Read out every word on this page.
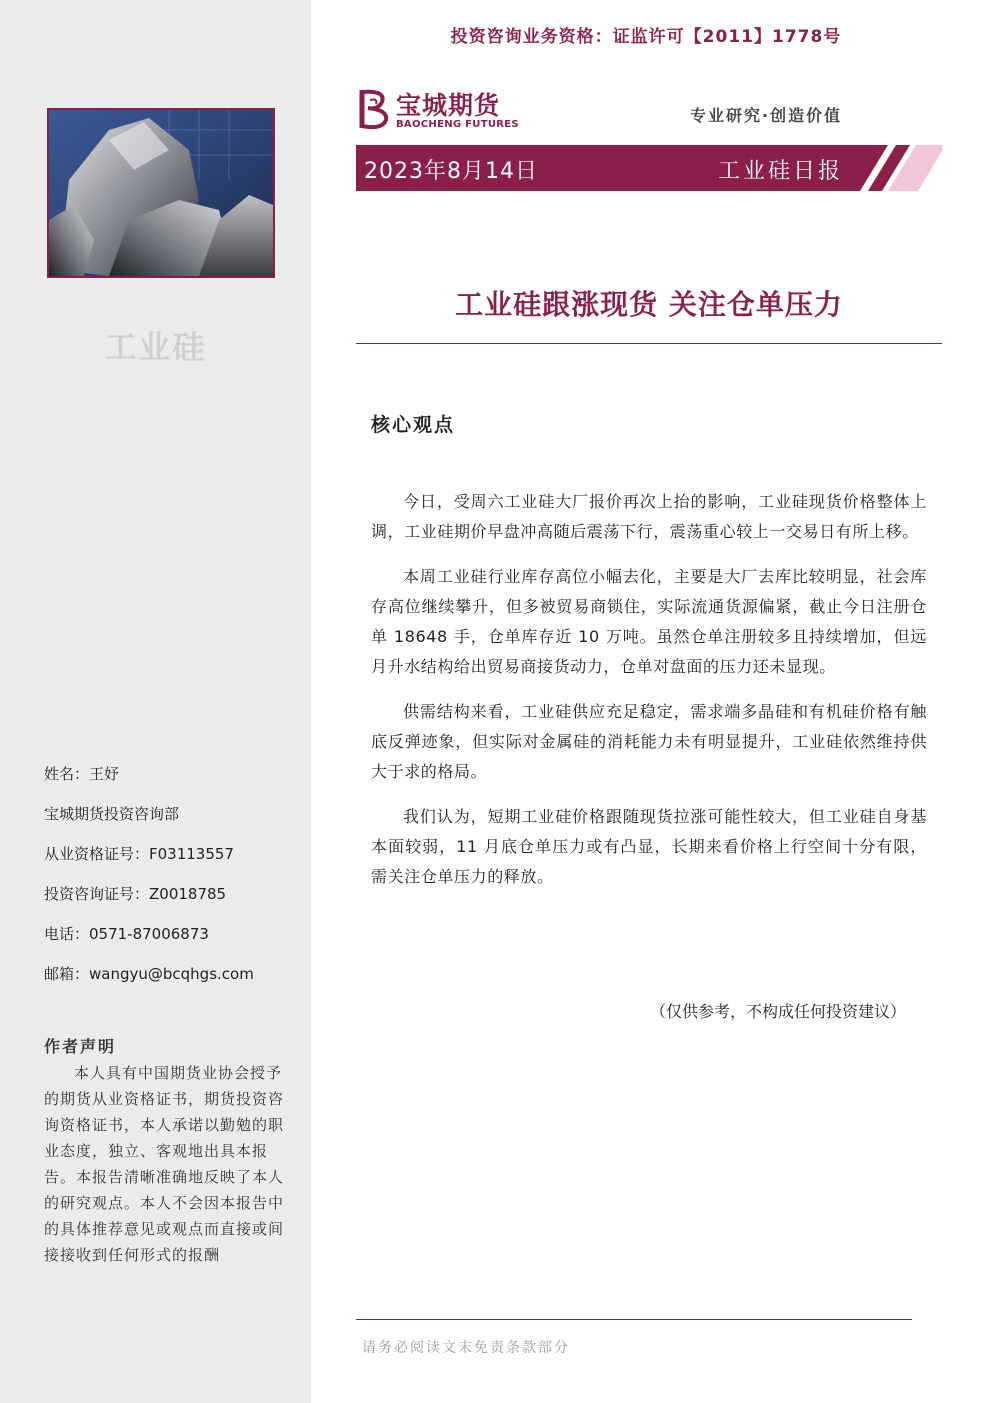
工业硅
姓名：王妤
宝城期货投资咨询部
从业资格证号：F03113557
投资咨询证号：Z0018785
电话：0571-87006873
邮箱：wangyu@bcqhgs.com
作者声明
本人具有中国期货业协会授予的期货从业资格证书，期货投资咨询资格证书，本人承诺以勤勉的职业态度，独立、客观地出具本报告。本报告清晰准确地反映了本人的研究观点。本人不会因本报告中的具体推荐意见或观点而直接或间接接收到任何形式的报酬
投资咨询业务资格：证监许可【2011】1778号
宝城期货
BAOCHENG FUTURES	专业研究·创造价值
2023年8月14日	工业硅日报
工业硅跟涨现货 关注仓单压力
核心观点

今日，受周六工业硅大厂报价再次上抬的影响，工业硅现货价格整体上调，工业硅期价早盘冲高随后震荡下行，震荡重心较上一交易日有所上移。

本周工业硅行业库存高位小幅去化，主要是大厂去库比较明显，社会库存高位继续攀升，但多被贸易商锁住，实际流通货源偏紧，截止今日注册仓单 18648 手，仓单库存近 10 万吨。虽然仓单注册较多且持续增加，但远月升水结构给出贸易商接货动力，仓单对盘面的压力还未显现。

供需结构来看，工业硅供应充足稳定，需求端多晶硅和有机硅价格有触底反弹迹象，但实际对金属硅的消耗能力未有明显提升，工业硅依然维持供大于求的格局。

我们认为，短期工业硅价格跟随现货拉涨可能性较大，但工业硅自身基本面较弱，11 月底仓单压力或有凸显，长期来看价格上行空间十分有限，需关注仓单压力的释放。

（仅供参考，不构成任何投资建议）
请务必阅读文末免责条款部分
